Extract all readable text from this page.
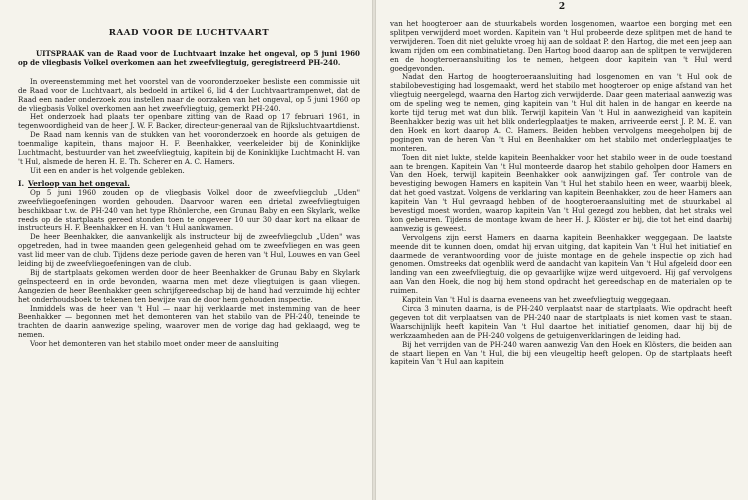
RAAD VOOR DE LUCHTVAART

UITSPRAAK van de Raad voor de Luchtvaart inzake het ongeval, op 5 juni 1960 op de vliegbasis Volkel overkomen aan het zweefvliegtuig, geregistreerd PH-240.

In overeenstemming met het voorstel van de vooronderzoeker besliste een commissie uit de Raad voor de Luchtvaart, als bedoeld in artikel 6, lid 4 der Luchtvaartrampenwet, dat de Raad een nader onderzoek zou instellen naar de oorzaken van het ongeval, op 5 juni 1960 op de vliegbasis Volkel overkomen aan het zweefvliegtuig, gemerkt PH-240.

Het onderzoek had plaats ter openbare zitting van de Raad op 17 februari 1961, in tegenwoordigheid van de heer J. W. F. Backer, directeur-generaal van de Rijksluchtvaartdienst.

De Raad nam kennis van de stukken van het vooronderzoek en hoorde als getuigen de toenmalige kapitein, thans majoor H. F. Beenhakker, veerkeleider bij de Koninklijke Luchtmacht, bestuurder van het zweefvliegtuig, kapitein bij de Koninklijke Luchtmacht H. van 't Hul, alsmede de heren H. E. Th. Scherer en A. C. Hamers.

Uit een en ander is het volgende gebleken.

I. Verloop van het ongeval.

Op 5 juni 1960 zouden op de vliegbasis Volkel door de zweefvliegclub „Uden" zweefvliegoefeningen worden gehouden. Daarvoor waren een drietal zweefvliegtuigen beschikbaar t.w. de PH-240 van het type Rhönlerche, een Grunau Baby en een Skylark, welke reeds op de startplaats gereed stonden toen te ongeveer 10 uur 30 daar kort na elkaar de instructeurs H. F. Beenhakker en H. van 't Hul aankwamen.

De heer Beenhakker, die aanvankelijk als instructeur bij de zweefvliegclub „Uden" was opgetreden, had in twee maanden geen gelegenheid gehad om te zweefvliegen en was geen vast lid meer van de club. Tijdens deze periode gaven de heren van 't Hul, Louwes en van Geel leiding bij de zweefvliegoefeningen van de club.

Bij de startplaats gekomen werden door de heer Beenhakker de Grunau Baby en Skylark geïnspecteerd en in orde bevonden, waarna men met deze vliegtuigen is gaan vliegen. Aangezien de heer Beenhakker geen schrijfgereedschap bij de hand had verzuimde hij echter het onderhoudsboek te tekenen ten bewijze van de door hem gehouden inspectie.

Inmiddels was de heer van 't Hul — naar hij verklaarde met instemming van de heer Beenhakker — begonnen met het demonteren van het stabilo van de PH-240, teneinde te trachten de daarin aanwezige speling, waarover men de vorige dag had geklaagd, weg te nemen.

Voor het demonteren van het stabilo moet onder meer de aansluiting

2

van het hoogteroer aan de stuurkabels worden losgenomen, waartoe een borging met een splitpen verwijderd moet worden. Kapitein van 't Hul probeerde deze splitpen met de hand te verwijderen. Toen dit niet gelukte vroeg hij aan de soldaat P. den Hartog, die met een jeep aan kwam rijden om een combinatietang. Den Hartog bood daarop aan de splitpen te verwijderen en de hoogteroeraansluiting los te nemen, hetgeen door kapitein van 't Hul werd goedgevonden.

Nadat den Hartog de hoogteroeraansluiting had losgenomen en van 't Hul ook de stabilobevestiging had losgemaakt, werd het stabilo met hoogteroer op enige afstand van het vliegtuig neergelegd, waarna den Hartog zich verwijderde. Daar geen materiaal aanwezig was om de speling weg te nemen, ging kapitein van 't Hul dit halen in de hangar en keerde na korte tijd terug met wat dun blik. Terwijl kapitein Van 't Hul in aanwezigheid van kapitein Beenhakker bezig was uit het blik onderlegplaatjes te maken, arriveerde eerst J. P. M. E. van den Hoek en kort daarop A. C. Hamers. Beiden hebben vervolgens meegeholpen bij de pogingen van de heren Van 't Hul en Beenhakker om het stabilo met onderlegplaatjes te monteren.

Toen dit niet lukte, stelde kapitein Beenhakker voor het stabilo weer in de oude toestand aan te brengen. Kapitein Van 't Hul monteerde daarop het stabilo geholpen door Hamers en Van den Hoek, terwijl kapitein Beenhakker ook aanwijzingen gaf. Ter controle van de bevestiging bewogen Hamers en kapitein Van 't Hul het stabilo heen en weer, waarbij bleek, dat het goed vastzat. Volgens de verklaring van kapitein Beenhakker, zou de heer Hamers aan kapitein Van 't Hul gevraagd hebben of de hoogteroeraansluiting met de stuurkabel al bevestigd moest worden, waarop kapitein Van 't Hul gezegd zou hebben, dat het straks wel kon gebeuren. Tijdens de montage kwam de heer H. J. Klöster er bij, die tot het eind daarbij aanwezig is geweest.

Vervolgens zijn eerst Hamers en daarna kapitein Beenhakker weggegaan. De laatste meende dit te kunnen doen, omdat hij ervan uitging, dat kapitein Van 't Hul het initiatief en daarmede de verantwoording voor de juiste montage en de gehele inspectie op zich had genomen. Omstreeks dat ogenblik werd de aandacht van kapitein Van 't Hul afgeleid door een landing van een zweefvliegtuig, die op gevaarlijke wijze werd uitgevoerd. Hij gaf vervolgens aan Van den Hoek, die nog bij hem stond opdracht het gereedschap en de materialen op te ruimen.

Kapitein Van 't Hul is daarna eveneens van het zweefvliegtuig weggegaan.

Circa 3 minuten daarna, is de PH-240 verplaatst naar de startplaats. Wie opdracht heeft gegeven tot dit verplaatsen van de PH-240 naar de startplaats is niet komen vast te staan. Waarschijnlijk heeft kapitein Van 't Hul daartoe het initiatief genomen, daar hij bij de werkzaamheden aan de PH-240 volgens de getuigenverklaringen de leiding had.

Bij het verrijden van de PH-240 waren aanwezig Van den Hoek en Klösters, die beiden aan de staart liepen en Van 't Hul, die bij een vleugeltip heeft gelopen. Op de startplaats heeft kapitein Van 't Hul aan kapitein
